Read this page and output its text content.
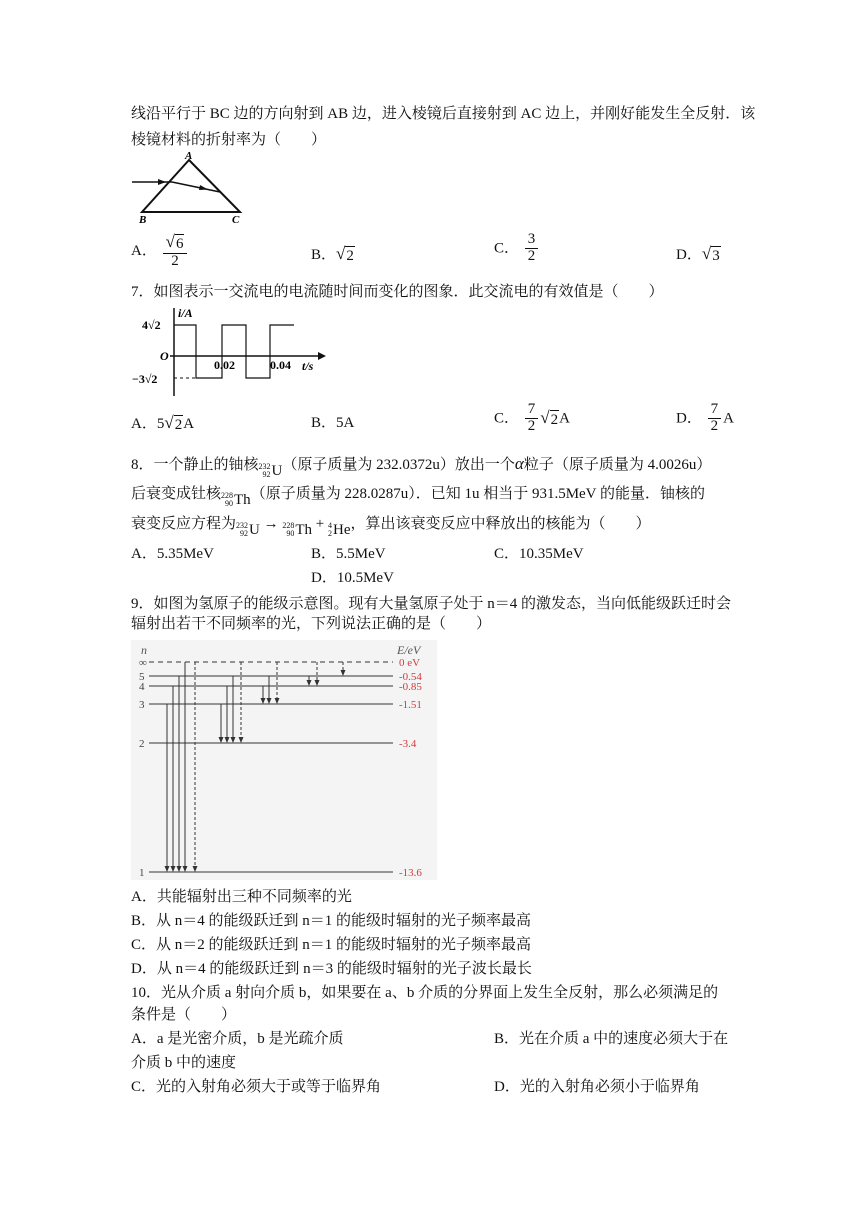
线沿平行于 BC 边的方向射到 AB 边，进入棱镜后直接射到 AC 边上，并刚好能发生全反射．该
棱镜材料的折射率为（　　）
A
B	C
A． $\frac{√ 6}{2}$	B． √ 2	C． $\frac{3}{2}$	D． √ 3
7．如图表示一交流电的电流随时间而变化的图象．此交流电的有效值是（　　）
i/A
t/s
O
4√2
−3√2
0.02	0.04
A．5 √ 2 A	B．5A	C． $\frac{7}{2}$ √ 2 A	D． $\frac{7}{2}$ A
8．一个静止的铀核 232
92 U （原子质量为 232.0372u）放出一个α粒子（原子质量为 4.0026u）
后衰变成钍核 228
90 Th （原子质量为 228.0287u）．已知 1u 相当于 931.5MeV 的能量．铀核的
衰变反应方程为 232
92 U → 228
90 Th + 4
2 He ，算出该衰变反应中释放出的核能为（　　）
A．5.35MeV	B．5.5MeV	C．10.35MeV
D．10.5MeV
9．如图为氢原子的能级示意图。现有大量氢原子处于 n＝4 的激发态，当向低能级跃迁时会
辐射出若干不同频率的光，下列说法正确的是（　　）
n	E/eV
∞	0 eV
5	-0.54
4	-0.85
3	-1.51
2	-3.4
1	-13.6
A．共能辐射出三种不同频率的光
B．从 n＝4 的能级跃迁到 n＝1 的能级时辐射的光子频率最高
C．从 n＝2 的能级跃迁到 n＝1 的能级时辐射的光子频率最高
D．从 n＝4 的能级跃迁到 n＝3 的能级时辐射的光子波长最长
10．光从介质 a 射向介质 b，如果要在 a、b 介质的分界面上发生全反射，那么必须满足的
条件是（　　）
A．a 是光密介质，b 是光疏介质	B．光在介质 a 中的速度必须大于在
介质 b 中的速度
C．光的入射角必须大于或等于临界角	D．光的入射角必须小于临界角
